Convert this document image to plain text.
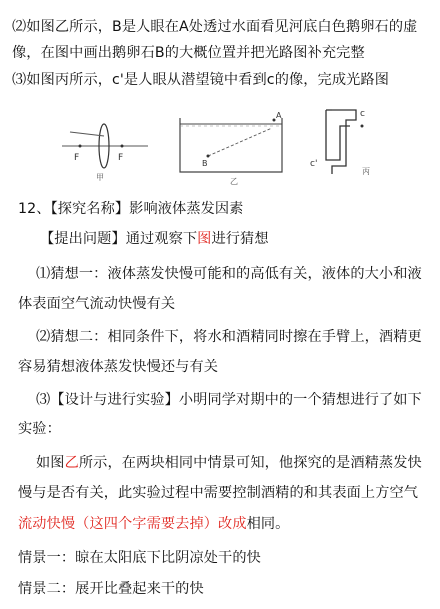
⑵如图乙所示，B是人眼在A处透过水面看见河底白色鹅卵石的虚
像，在图中画出鹅卵石B的大概位置并把光路图补充完整
⑶如图丙所示，c'是人眼从潜望镜中看到c的像，完成光路图
F	F
甲
A
B
乙
c
c'
丙
12、【探究名称】影响液体蒸发因素
【提出问题】通过观察下图进行猜想
⑴猜想一：液体蒸发快慢可能和的高低有关，液体的大小和液
体表面空气流动快慢有关
⑵猜想二：相同条件下，将水和酒精同时擦在手臂上，酒精更
容易猜想液体蒸发快慢还与有关
⑶【设计与进行实验】小明同学对期中的一个猜想进行了如下
实验：
如图乙所示，在两块相同中情景可知，他探究的是酒精蒸发快
慢与是否有关，此实验过程中需要控制酒精的和其表面上方空气
流动快慢（这四个字需要去掉）改成相同。
情景一：晾在太阳底下比阴凉处干的快
情景二：展开比叠起来干的快
